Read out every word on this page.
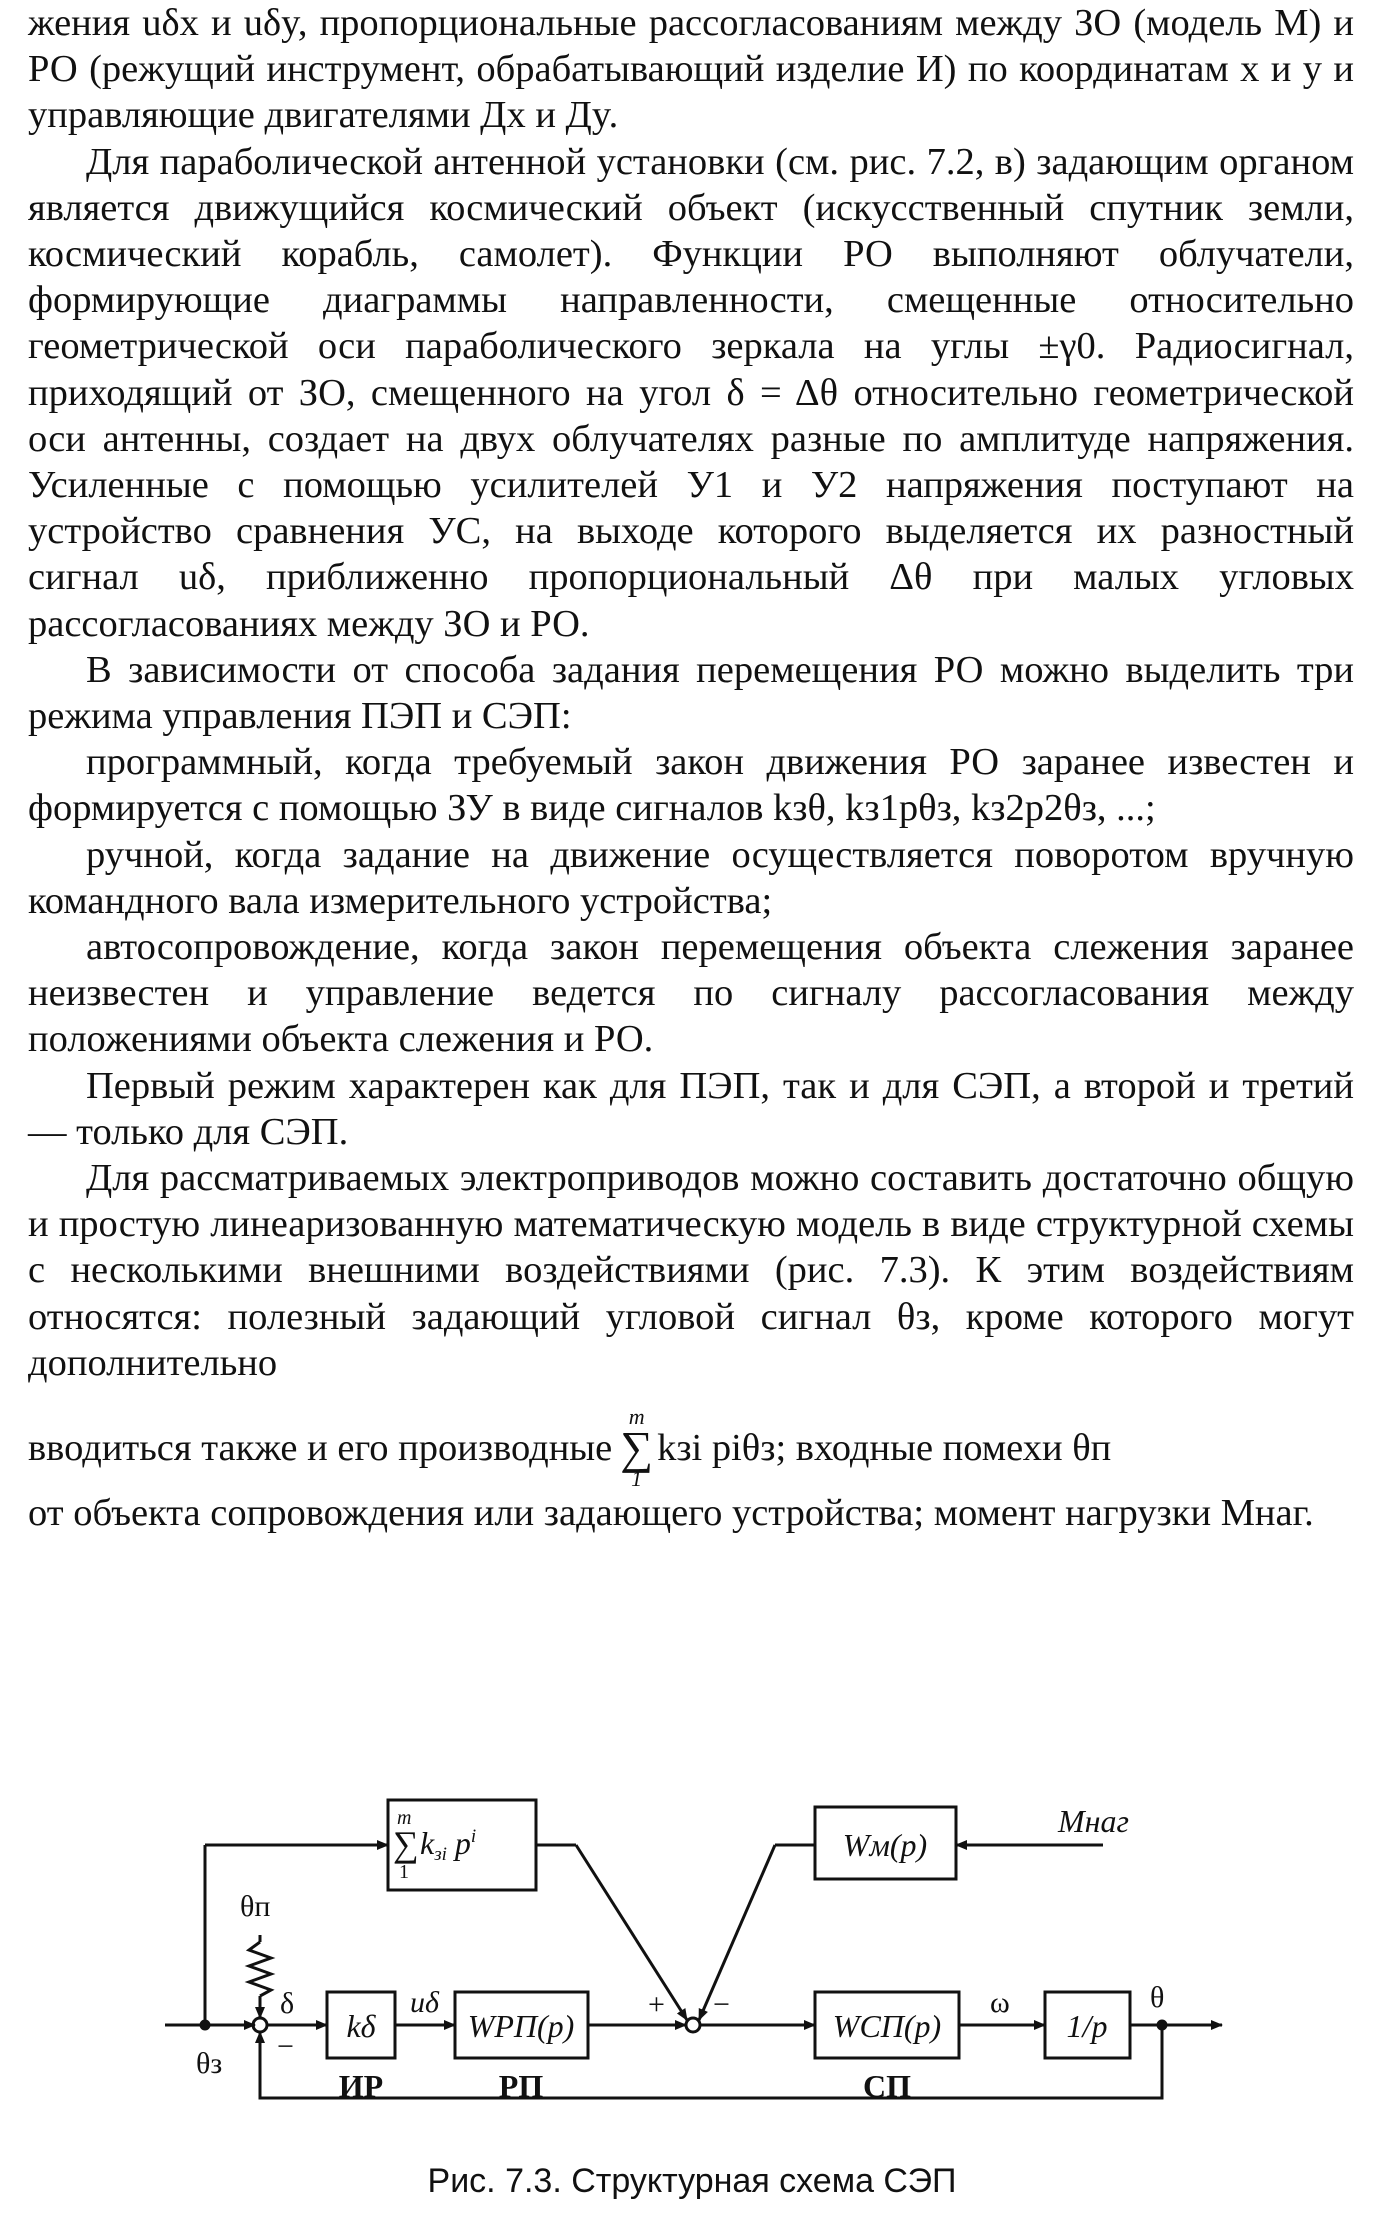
жения uδx и uδy, пропорциональные рассогласованиям между ЗО (модель М) и РО (режущий инструмент, обрабатывающий изделие И) по координатам x и y и управляющие двигателями Дx и Дy.

Для параболической антенной установки (см. рис. 7.2, в) задающим органом является движущийся космический объект (искусственный спутник земли, космический корабль, самолет). Функции РО выполняют облучатели, формирующие диаграммы направленности, смещенные относительно геометрической оси параболического зеркала на углы ±γ0. Радиосигнал, приходящий от ЗО, смещенного на угол δ = Δθ относительно геометрической оси антенны, создает на двух облучателях разные по амплитуде напряжения. Усиленные с помощью усилителей У1 и У2 напряжения поступают на устройство сравнения УС, на выходе которого выделяется их разностный сигнал uδ, приближенно пропорциональный Δθ при малых угловых рассогласованиях между ЗО и РО.

В зависимости от способа задания перемещения РО можно выделить три режима управления ПЭП и СЭП:

программный, когда требуемый закон движения РО заранее известен и формируется с помощью ЗУ в виде сигналов kзθ, kз1pθз, kз2p2θз, ...;

ручной, когда задание на движение осуществляется поворотом вручную командного вала измерительного устройства;

автосопровождение, когда закон перемещения объекта слежения заранее неизвестен и управление ведется по сигналу рассогласования между положениями объекта слежения и РО.

Первый режим характерен как для ПЭП, так и для СЭП, а второй и третий — только для СЭП.

Для рассматриваемых электроприводов можно составить достаточно общую и простую линеаризованную математическую модель в виде структурной схемы с несколькими внешними воздействиями (рис. 7.3). К этим воздействиям относятся: полезный задающий угловой сигнал θз, кроме которого могут дополнительно

вводиться также и его производные
m
∑
1
kзi piθз ; входные помехи θп

от объекта сопровождения или задающего устройства; момент нагрузки Mнаг.

m
∑
1
kзi $p^i$	Wм(p)
Mнаг
θп
δ
−
kδ
uδ
WРП(p)
+ −
WСП(p)
ω
1/p
θ
θз
ИР	РП	СП
Рис. 7.3. Структурная схема СЭП
